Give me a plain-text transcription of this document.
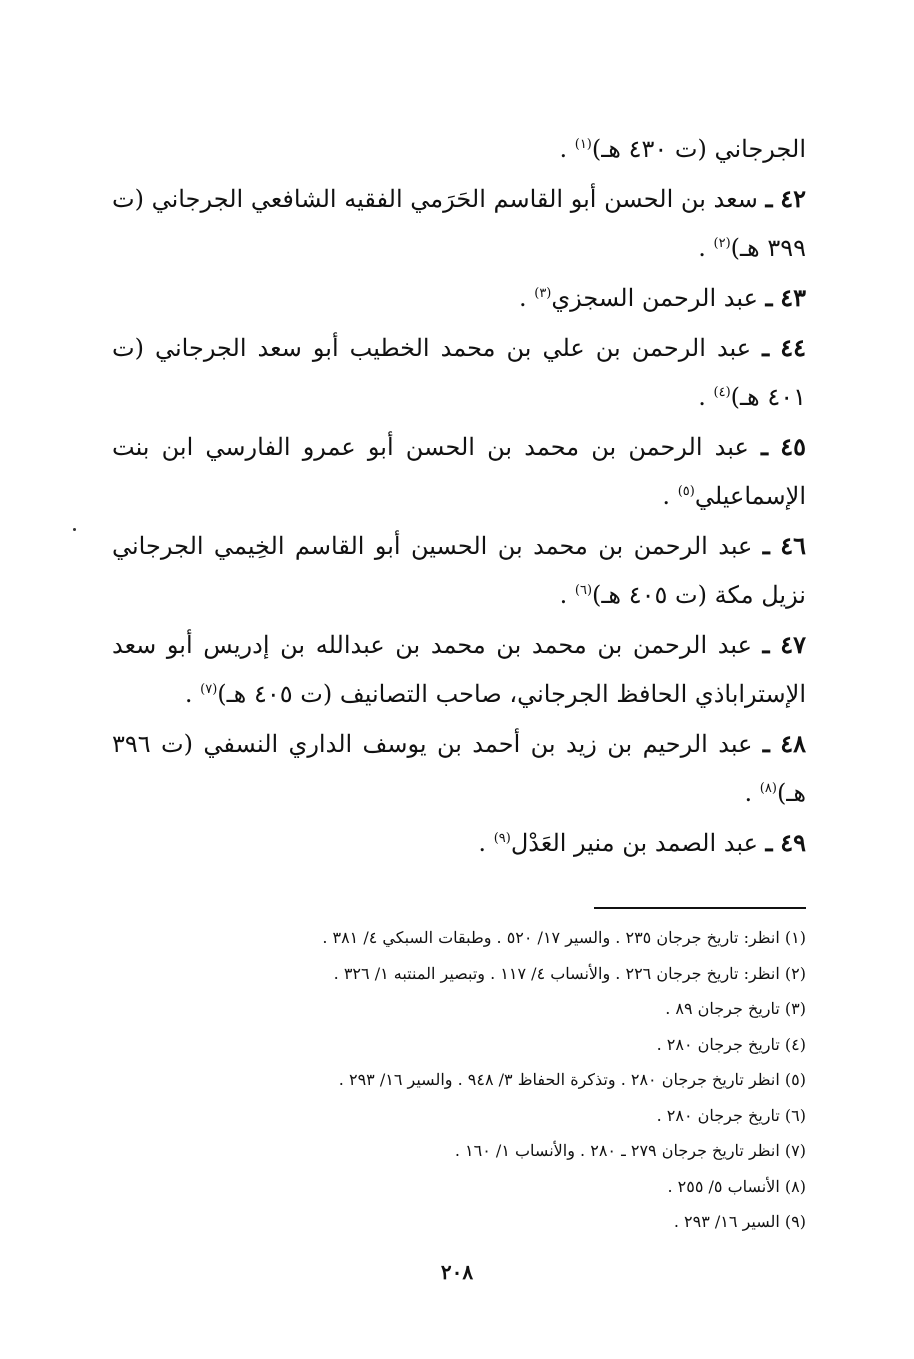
الجرجاني (ت ٤٣٠ هـ)$^{(١)}$ .

٤٢ ـ سعد بن الحسن أبو القاسم الحَرَمي الفقيه الشافعي الجرجاني (ت ٣٩٩ هـ)$^{(٢)}$ .

٤٣ ـ عبد الرحمن السجزي$^{(٣)}$ .

٤٤ ـ عبد الرحمن بن علي بن محمد الخطيب أبو سعد الجرجاني (ت ٤٠١ هـ)$^{(٤)}$ .

٤٥ ـ عبد الرحمن بن محمد بن الحسن أبو عمرو الفارسي ابن بنت الإسماعيلي$^{(٥)}$ .

٤٦ ـ عبد الرحمن بن محمد بن الحسين أبو القاسم الخِيمي الجرجاني نزيل مكة (ت ٤٠٥ هـ)$^{(٦)}$ .

٤٧ ـ عبد الرحمن بن محمد بن محمد بن عبدالله بن إدريس أبو سعد الإستراباذي الحافظ الجرجاني، صاحب التصانيف (ت ٤٠٥ هـ)$^{(٧)}$ .

٤٨ ـ عبد الرحيم بن زيد بن أحمد بن يوسف الداري النسفي (ت ٣٩٦ هـ)$^{(٨)}$ .

٤٩ ـ عبد الصمد بن منير العَدْل$^{(٩)}$ .

(١) انظر: تاريخ جرجان ٢٣٥ . والسير ١٧/ ٥٢٠ . وطبقات السبكي ٤/ ٣٨١ .
(٢) انظر: تاريخ جرجان ٢٢٦ . والأنساب ٤/ ١١٧ . وتبصير المنتبه ١/ ٣٢٦ .
(٣) تاريخ جرجان ٨٩ .
(٤) تاريخ جرجان ٢٨٠ .
(٥) انظر تاريخ جرجان ٢٨٠ . وتذكرة الحفاظ ٣/ ٩٤٨ . والسير ١٦/ ٢٩٣ .
(٦) تاريخ جرجان ٢٨٠ .
(٧) انظر تاريخ جرجان ٢٧٩ ـ ٢٨٠ . والأنساب ١/ ١٦٠ .
(٨) الأنساب ٥/ ٢٥٥ .
(٩) السير ١٦/ ٢٩٣ .
٢٠٨
